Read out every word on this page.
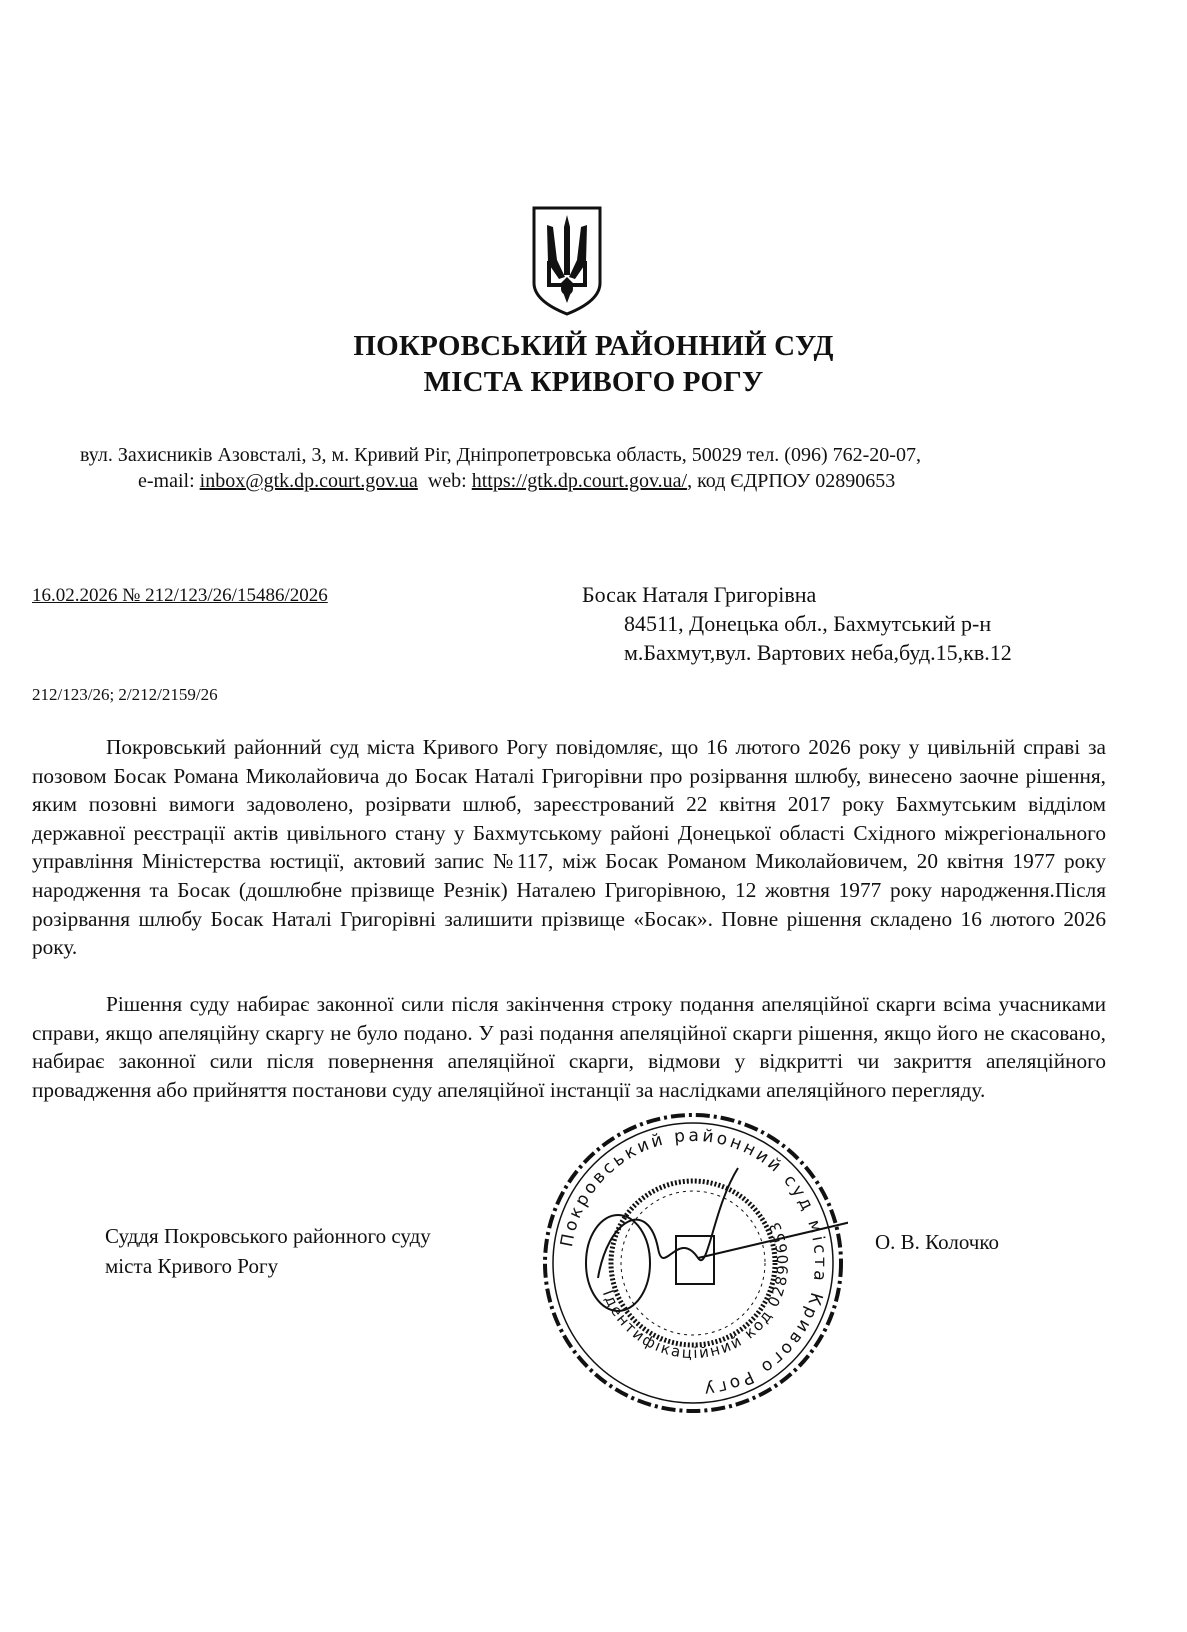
ПОКРОВСЬКИЙ РАЙОННИЙ СУД
МІСТА КРИВОГО РОГУ
вул. Захисників Азовсталі, 3, м. Кривий Ріг, Дніпропетровська область, 50029 тел. (096) 762-20-07,
e-mail: inbox@gtk.dp.court.gov.ua  web: https://gtk.dp.court.gov.ua/, код ЄДРПОУ 02890653
16.02.2026 № 212/123/26/15486/2026
212/123/26; 2/212/2159/26
Босак Наталя Григорівна
84511, Донецька обл., Бахмутський р-н
м.Бахмут,вул. Вартових неба,буд.15,кв.12

Покровський районний суд міста Кривого Рогу повідомляє, що 16 лютого 2026 року у цивільній справі за позовом Босак Романа Миколайовича до Босак Наталі Григорівни про розірвання шлюбу, винесено заочне рішення, яким позовні вимоги задоволено, розірвати шлюб, зареєстрований 22 квітня 2017 року Бахмутським відділом державної реєстрації актів цивільного стану у Бахмутському районі Донецької області Східного міжрегіонального управління Міністерства юстиції, актовий запис №117, між Босак Романом Миколайовичем, 20 квітня 1977 року народження та Босак (дошлюбне прізвище Резнік) Наталею Григорівною, 12 жовтня 1977 року народження.Після розірвання шлюбу Босак Наталі Григорівні залишити прізвище «Босак». Повне рішення складено 16 лютого 2026 року.

Рішення суду набирає законної сили після закінчення строку подання апеляційної скарги всіма учасниками справи, якщо апеляційну скаргу не було подано. У разі подання апеляційної скарги рішення, якщо його не скасовано, набирає законної сили після повернення апеляційної скарги, відмови у відкритті чи закриття апеляційного провадження або прийняття постанови суду апеляційної інстанції за наслідками апеляційного перегляду.

Покровський районний суд міста Кривого Рогу
Ідентифікаційний код 02890653
Суддя Покровського районного суду
міста Кривого Рогу
О. В. Колочко
